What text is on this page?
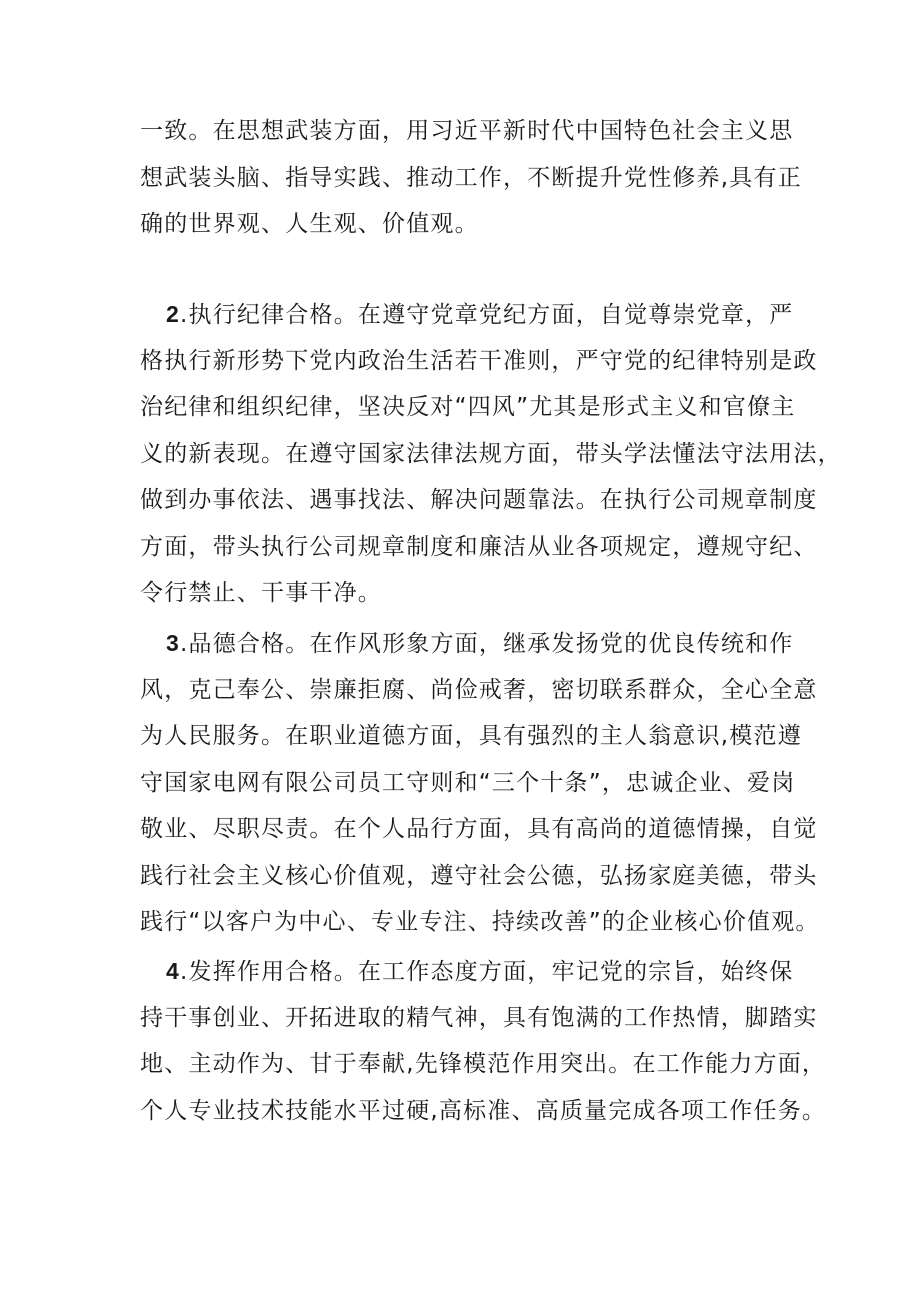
一致。在思想武装方面，用习近平新时代中国特色社会主义思
想武装头脑、指导实践、推动工作，不断提升党性修养,具有正
确的世界观、人生观、价值观。
2.执行纪律合格。在遵守党章党纪方面，自觉尊崇党章，严
格执行新形势下党内政治生活若干准则，严守党的纪律特别是政
治纪律和组织纪律，坚决反对“四风”尤其是形式主义和官僚主
义的新表现。在遵守国家法律法规方面，带头学法懂法守法用法，
做到办事依法、遇事找法、解决问题靠法。在执行公司规章制度
方面，带头执行公司规章制度和廉洁从业各项规定，遵规守纪、
令行禁止、干事干净。
3.品德合格。在作风形象方面，继承发扬党的优良传统和作
风，克己奉公、崇廉拒腐、尚俭戒奢，密切联系群众，全心全意
为人民服务。在职业道德方面，具有强烈的主人翁意识,模范遵
守国家电网有限公司员工守则和“三个十条”，忠诚企业、爱岗
敬业、尽职尽责。在个人品行方面，具有高尚的道德情操，自觉
践行社会主义核心价值观，遵守社会公德，弘扬家庭美德，带头
践行“以客户为中心、专业专注、持续改善”的企业核心价值观。
4.发挥作用合格。在工作态度方面，牢记党的宗旨，始终保
持干事创业、开拓进取的精气神，具有饱满的工作热情，脚踏实
地、主动作为、甘于奉献,先锋模范作用突出。在工作能力方面，
个人专业技术技能水平过硬,高标准、高质量完成各项工作任务。
